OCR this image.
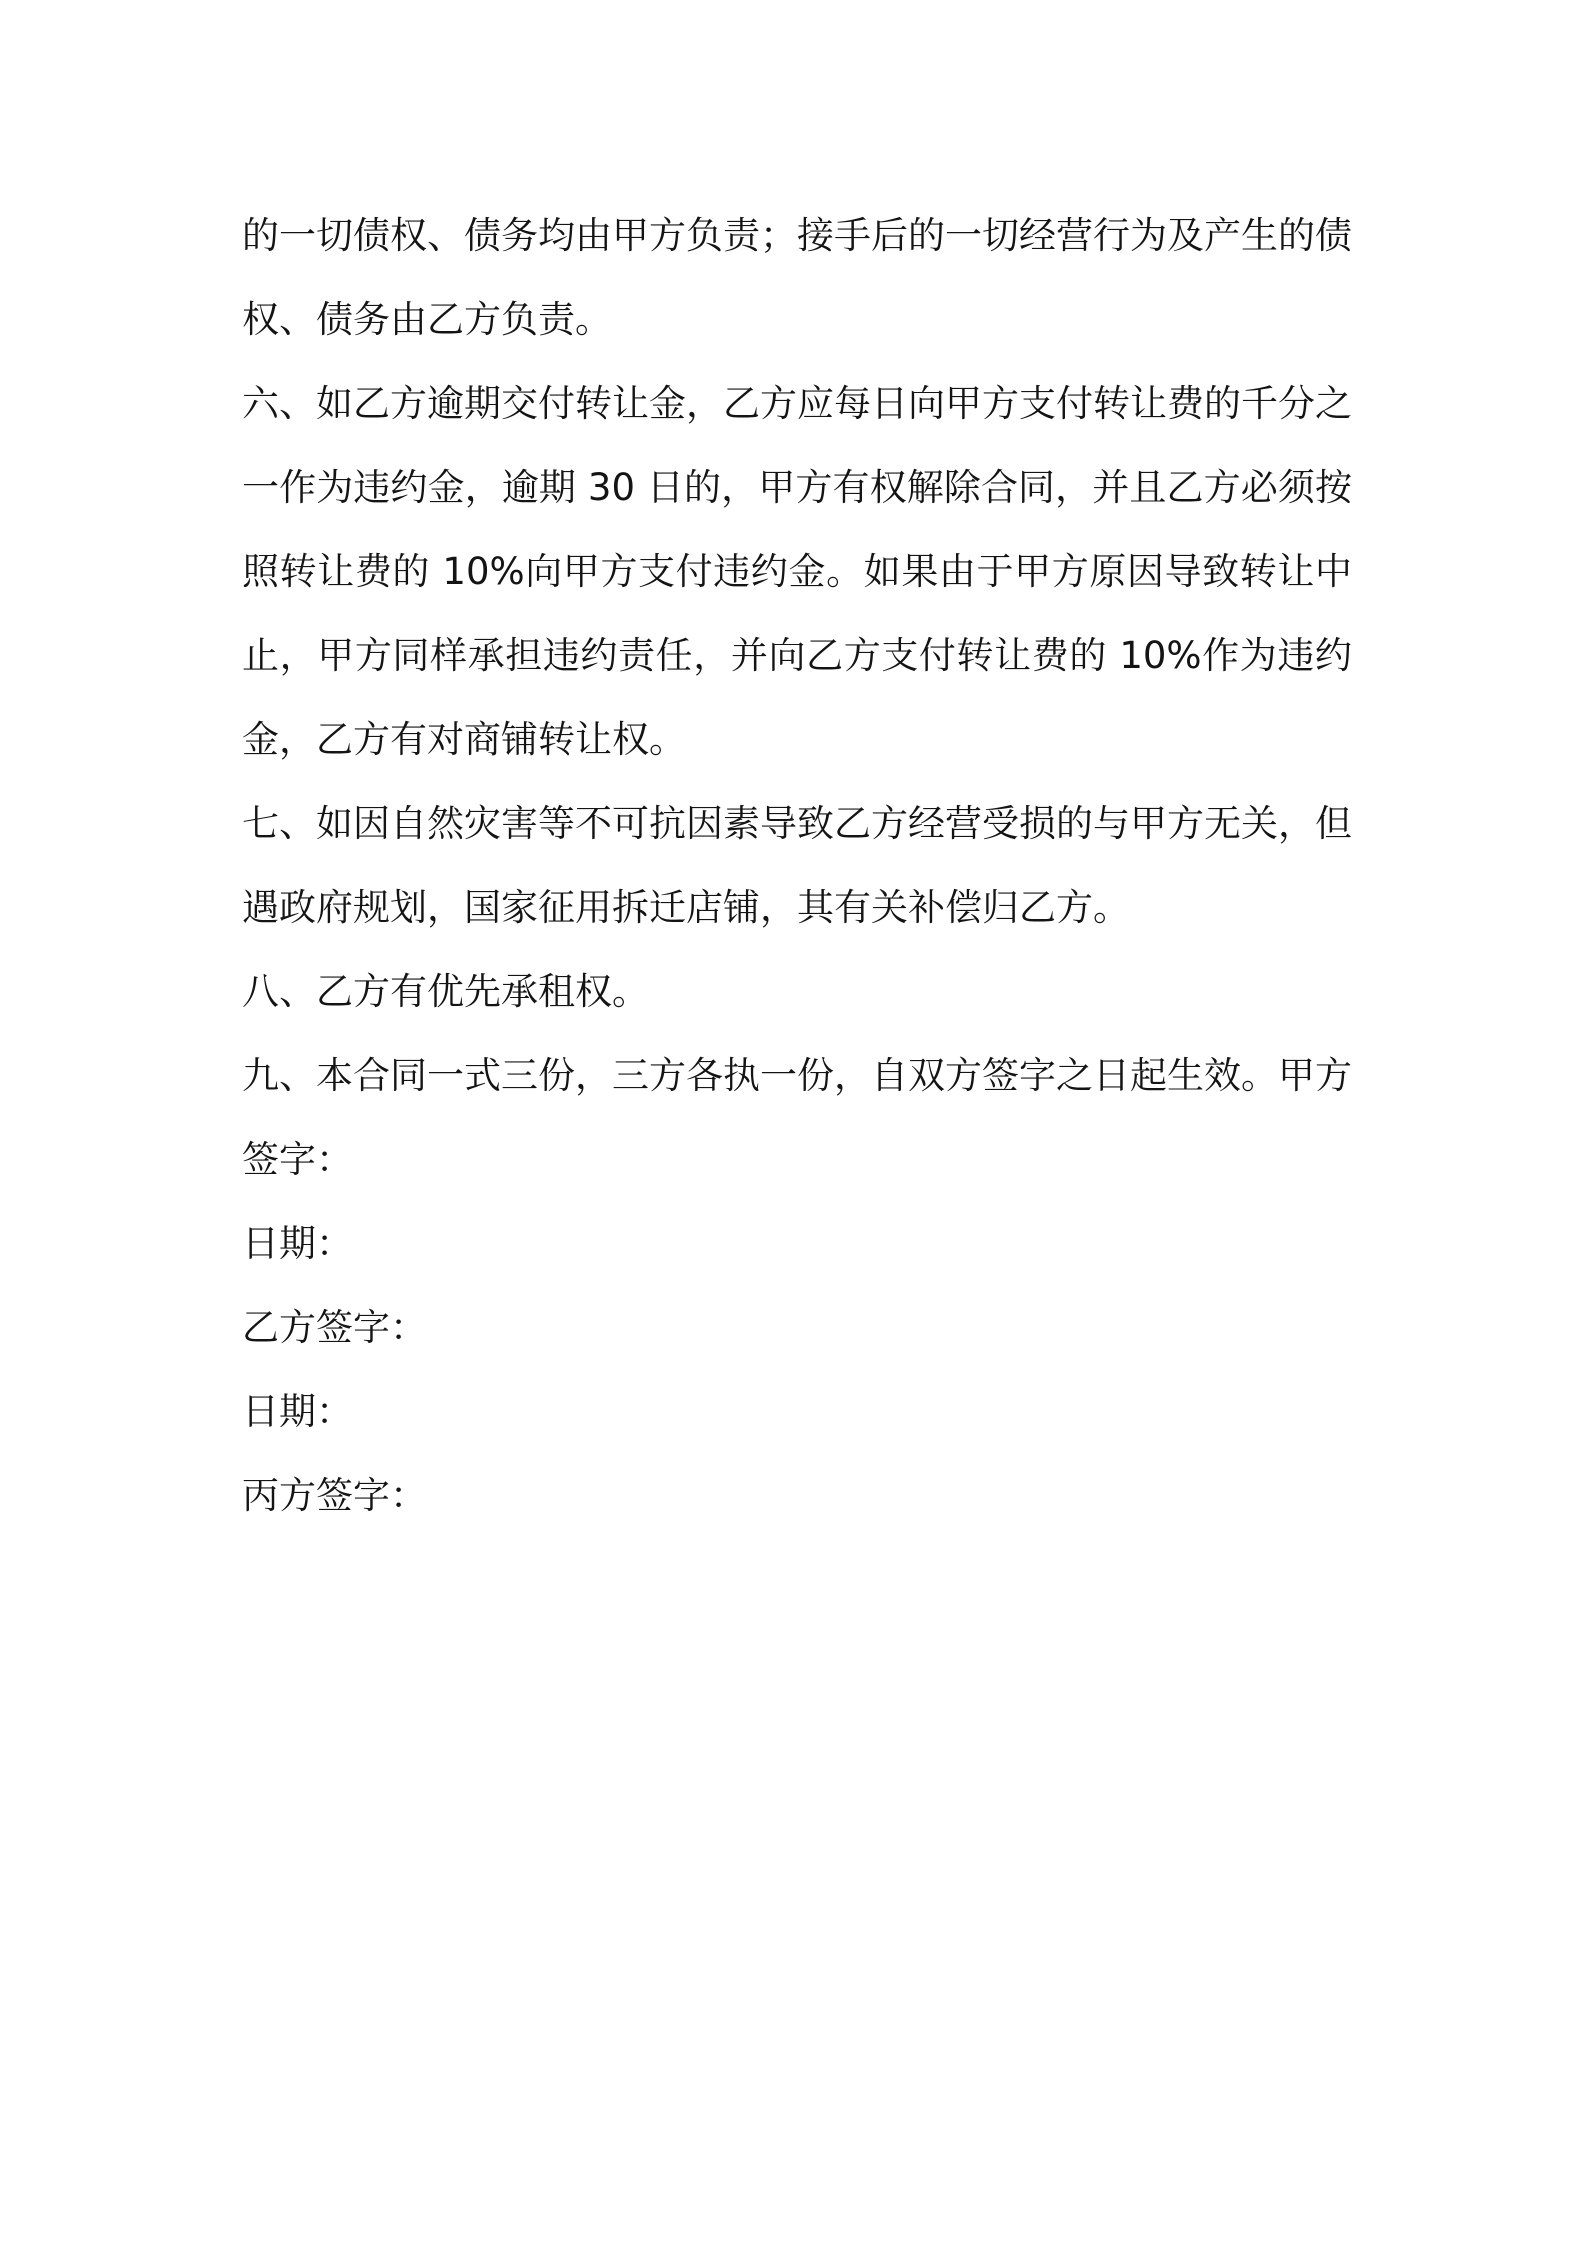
的一切债权、债务均由甲方负责；接手后的一切经营行为及产生的债权、债务由乙方负责。

六、如乙方逾期交付转让金，乙方应每日向甲方支付转让费的千分之一作为违约金，逾期 30 日的，甲方有权解除合同，并且乙方必须按照转让费的 10%向甲方支付违约金。如果由于甲方原因导致转让中止，甲方同样承担违约责任，并向乙方支付转让费的 10%作为违约金，乙方有对商铺转让权。

七、如因自然灾害等不可抗因素导致乙方经营受损的与甲方无关，但遇政府规划，国家征用拆迁店铺，其有关补偿归乙方。

八、乙方有优先承租权。

九、本合同一式三份，三方各执一份，自双方签字之日起生效。甲方签字：

日期：

乙方签字：

日期：

丙方签字：
